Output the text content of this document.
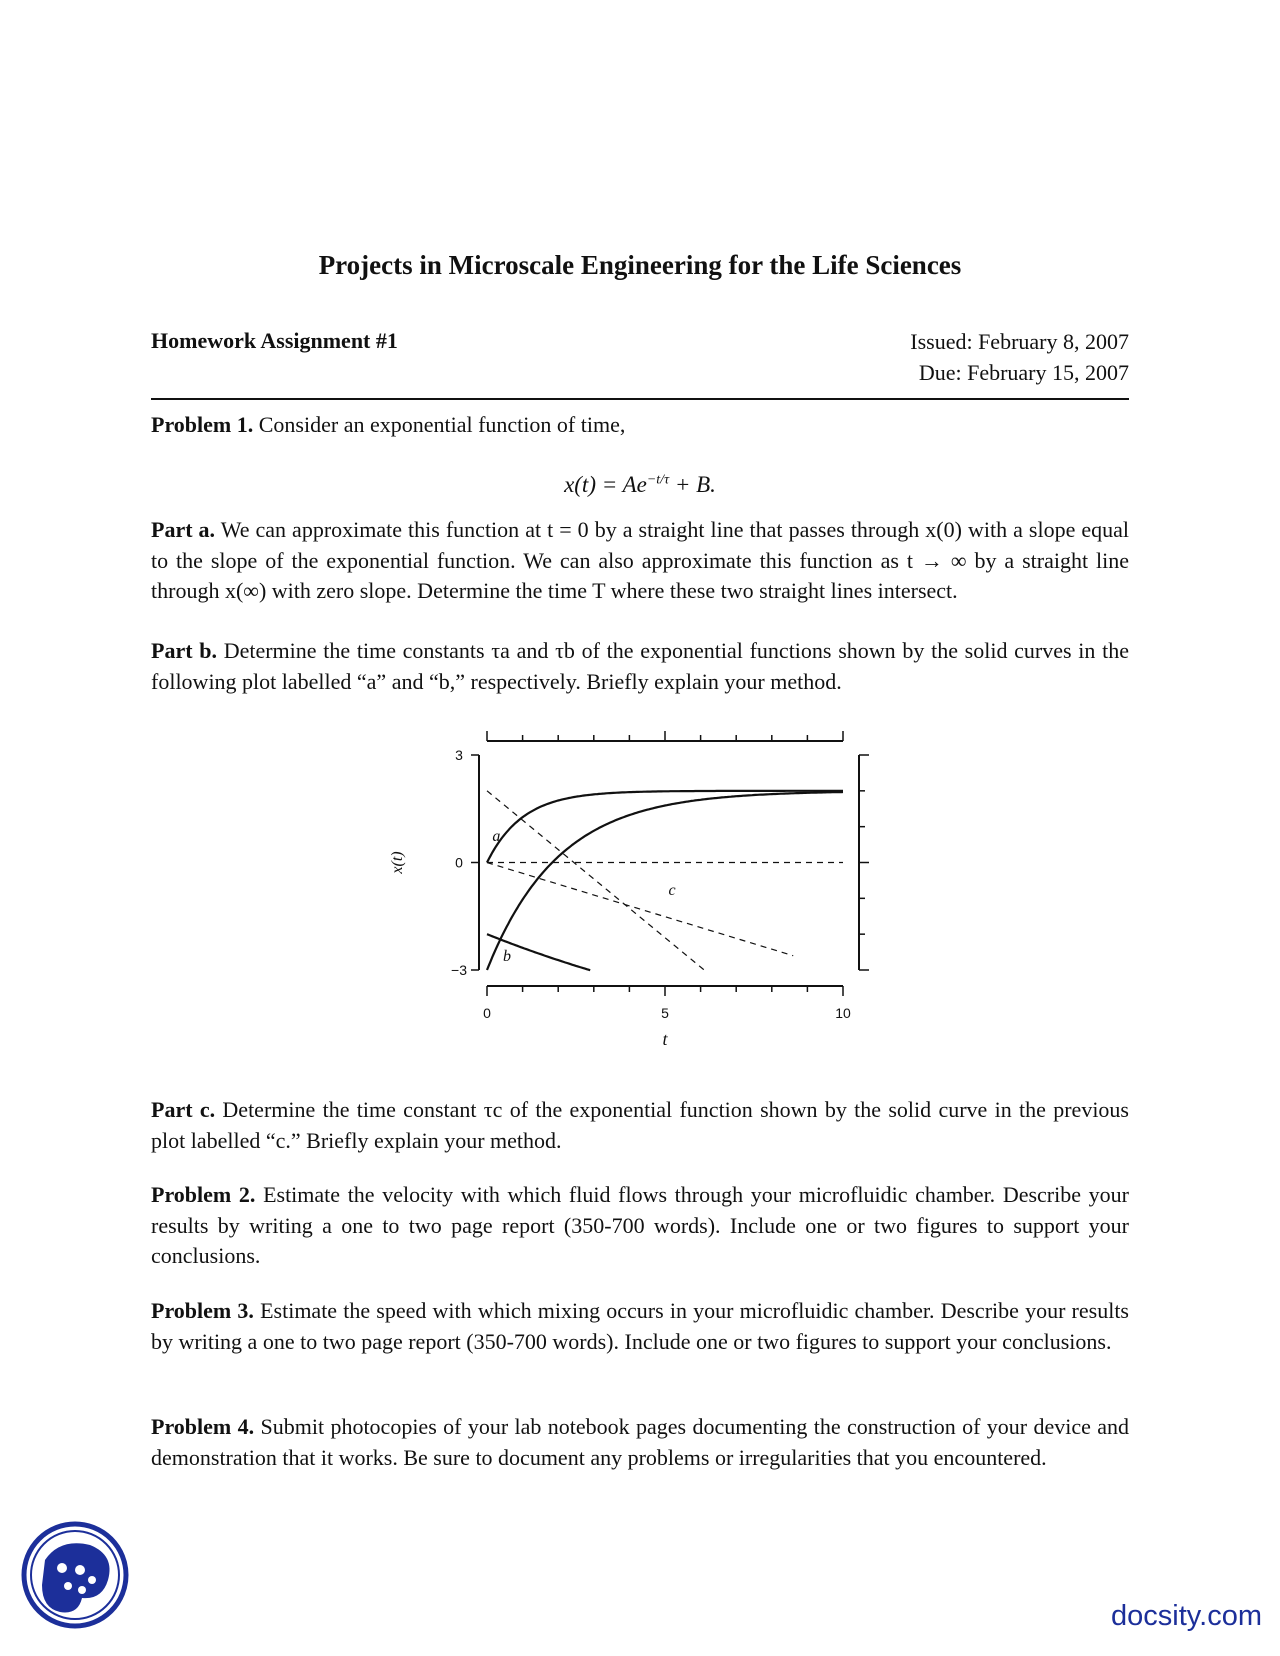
Projects in Microscale Engineering for the Life Sciences
Homework Assignment #1	Issued: February 8, 2007
Due: February 15, 2007
Problem 1. Consider an exponential function of time,
$x(t) = Ae^{-t/\tau} + B$.
Part a. We can approximate this function at t = 0 by a straight line that passes through x(0) with a slope equal to the slope of the exponential function. We can also approximate this function as t → ∞ by a straight line through x(∞) with zero slope. Determine the time T where these two straight lines intersect.
Part b. Determine the time constants τa and τb of the exponential functions shown by the solid curves in the following plot labelled “a” and “b,” respectively. Briefly explain your method.
0	5	10
−3
0
3
t
x(t)
a
b
c
Part c. Determine the time constant τc of the exponential function shown by the solid curve in the previous plot labelled “c.” Briefly explain your method.
Problem 2. Estimate the velocity with which fluid flows through your microfluidic chamber. Describe your results by writing a one to two page report (350-700 words). Include one or two figures to support your conclusions.
Problem 3. Estimate the speed with which mixing occurs in your microfluidic chamber. Describe your results by writing a one to two page report (350-700 words). Include one or two figures to support your conclusions.
Problem 4. Submit photocopies of your lab notebook pages documenting the construction of your device and demonstration that it works. Be sure to document any problems or irregularities that you encountered.
docsity.com
